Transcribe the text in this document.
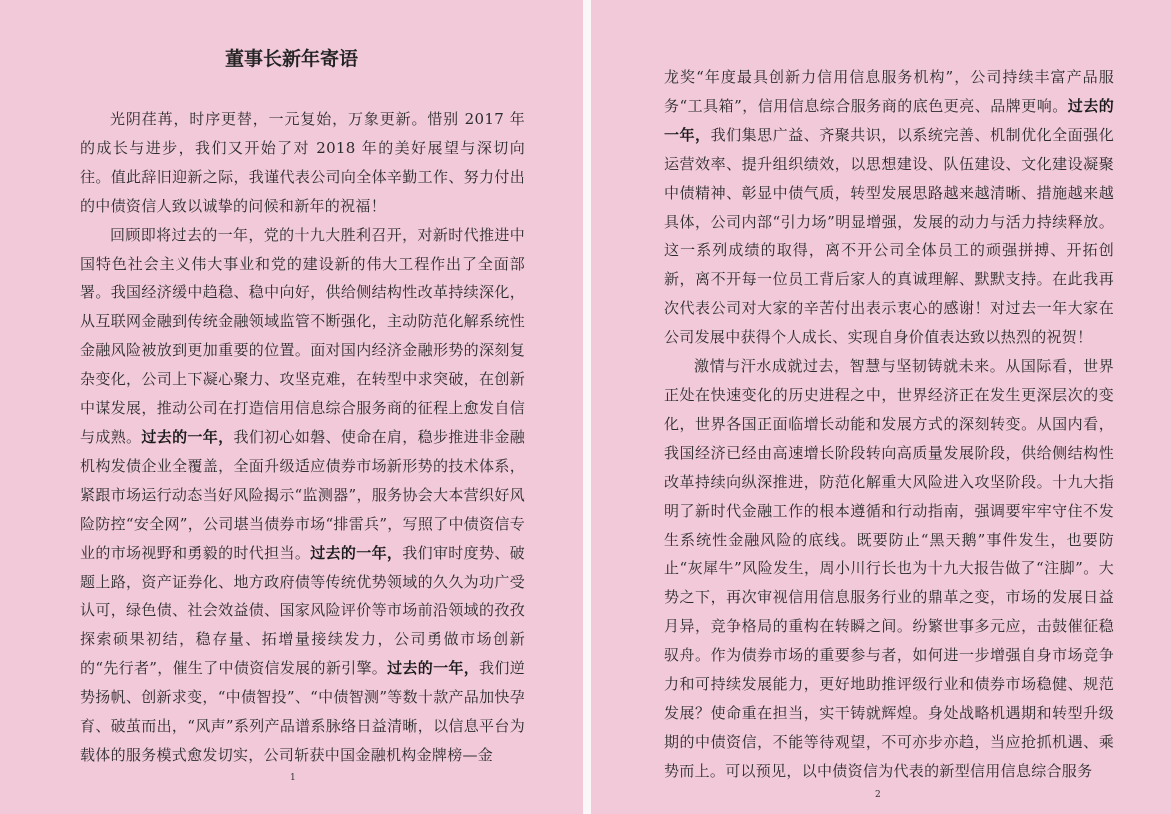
董事长新年寄语

光阴荏苒，时序更替，一元复始，万象更新。惜别 2017 年的成长与进步，我们又开始了对 2018 年的美好展望与深切向往。值此辞旧迎新之际，我谨代表公司向全体辛勤工作、努力付出的中债资信人致以诚挚的问候和新年的祝福！

回顾即将过去的一年，党的十九大胜利召开，对新时代推进中国特色社会主义伟大事业和党的建设新的伟大工程作出了全面部署。我国经济缓中趋稳、稳中向好，供给侧结构性改革持续深化，从互联网金融到传统金融领域监管不断强化，主动防范化解系统性金融风险被放到更加重要的位置。面对国内经济金融形势的深刻复杂变化，公司上下凝心聚力、攻坚克难，在转型中求突破，在创新中谋发展，推动公司在打造信用信息综合服务商的征程上愈发自信与成熟。过去的一年，我们初心如磐、使命在肩，稳步推进非金融机构发债企业全覆盖，全面升级适应债券市场新形势的技术体系，紧跟市场运行动态当好风险揭示“监测器”，服务协会大本营织好风险防控“安全网”，公司堪当债券市场“排雷兵”，写照了中债资信专业的市场视野和勇毅的时代担当。过去的一年，我们审时度势、破题上路，资产证券化、地方政府债等传统优势领域的久久为功广受认可，绿色债、社会效益债、国家风险评价等市场前沿领域的孜孜探索硕果初结，稳存量、拓增量接续发力，公司勇做市场创新的“先行者”，催生了中债资信发展的新引擎。过去的一年，我们逆势扬帆、创新求变，“中债智投”、“中债智测”等数十款产品加快孕育、破茧而出，“风声”系列产品谱系脉络日益清晰，以信息平台为载体的服务模式愈发切实，公司斩获中国金融机构金牌榜—金

1

龙奖“年度最具创新力信用信息服务机构”，公司持续丰富产品服务“工具箱”，信用信息综合服务商的底色更亮、品牌更响。过去的一年，我们集思广益、齐聚共识，以系统完善、机制优化全面强化运营效率、提升组织绩效，以思想建设、队伍建设、文化建设凝聚中债精神、彰显中债气质，转型发展思路越来越清晰、措施越来越具体，公司内部“引力场”明显增强，发展的动力与活力持续释放。这一系列成绩的取得，离不开公司全体员工的顽强拼搏、开拓创新，离不开每一位员工背后家人的真诚理解、默默支持。在此我再次代表公司对大家的辛苦付出表示衷心的感谢！对过去一年大家在公司发展中获得个人成长、实现自身价值表达致以热烈的祝贺！

激情与汗水成就过去，智慧与坚韧铸就未来。从国际看，世界正处在快速变化的历史进程之中，世界经济正在发生更深层次的变化，世界各国正面临增长动能和发展方式的深刻转变。从国内看，我国经济已经由高速增长阶段转向高质量发展阶段，供给侧结构性改革持续向纵深推进，防范化解重大风险进入攻坚阶段。十九大指明了新时代金融工作的根本遵循和行动指南，强调要牢牢守住不发生系统性金融风险的底线。既要防止“黑天鹅”事件发生，也要防止“灰犀牛”风险发生，周小川行长也为十九大报告做了“注脚”。大势之下，再次审视信用信息服务行业的鼎革之变，市场的发展日益月异，竞争格局的重构在转瞬之间。纷繁世事多元应，击鼓催征稳驭舟。作为债券市场的重要参与者，如何进一步增强自身市场竞争力和可持续发展能力，更好地助推评级行业和债券市场稳健、规范发展？使命重在担当，实干铸就辉煌。身处战略机遇期和转型升级期的中债资信，不能等待观望，不可亦步亦趋，当应抢抓机遇、乘势而上。可以预见，以中债资信为代表的新型信用信息综合服务

2
